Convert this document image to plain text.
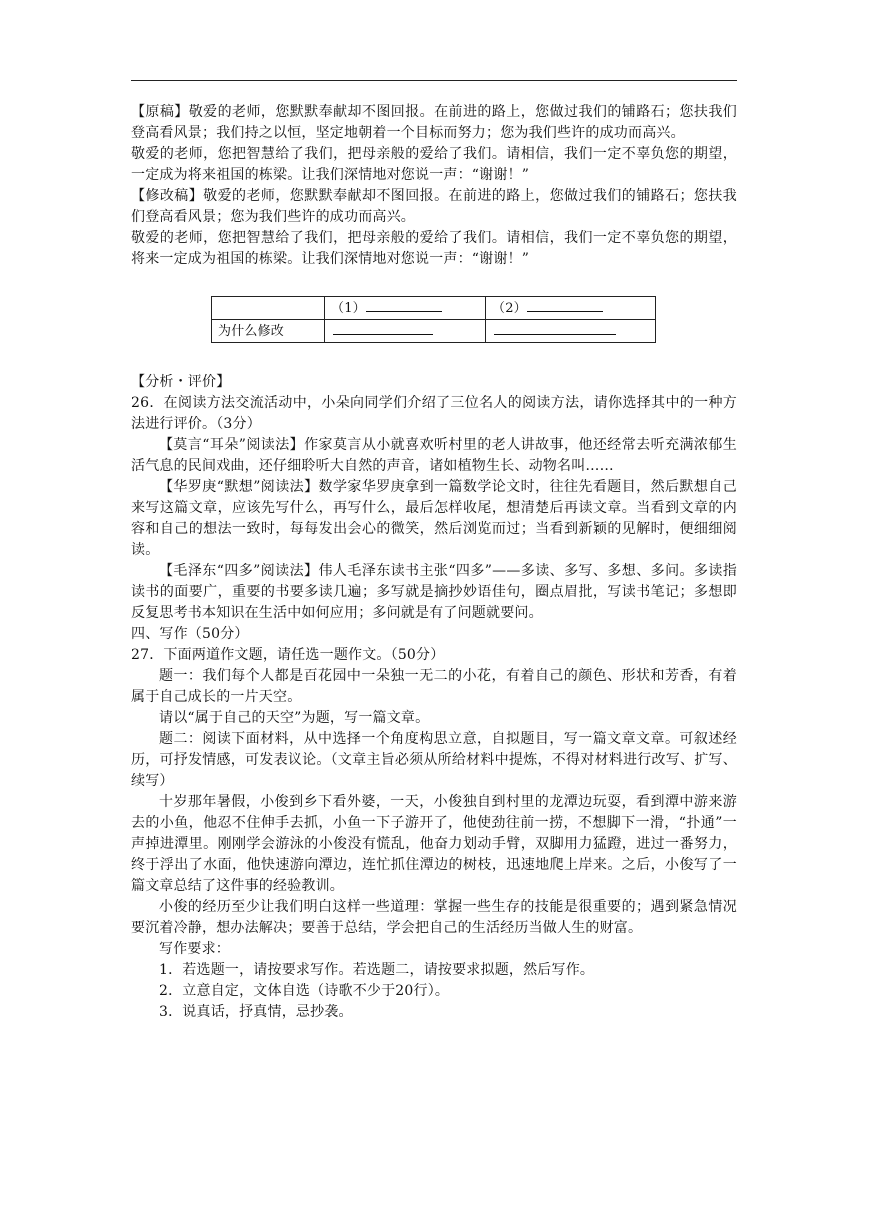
【原稿】敬爱的老师，您默默奉献却不图回报。在前进的路上，您做过我们的铺路石；您扶我们登高看风景；我们持之以恒，坚定地朝着一个目标而努力；您为我们些许的成功而高兴。

敬爱的老师，您把智慧给了我们，把母亲般的爱给了我们。请相信，我们一定不辜负您的期望，一定成为将来祖国的栋梁。让我们深情地对您说一声：“谢谢！”

【修改稿】敬爱的老师，您默默奉献却不图回报。在前进的路上，您做过我们的铺路石；您扶我们登高看风景；您为我们些许的成功而高兴。

敬爱的老师，您把智慧给了我们，把母亲般的爱给了我们。请相信，我们一定不辜负您的期望，将来一定成为祖国的栋梁。让我们深情地对您说一声：“谢谢！”

	（1）	（2）
为什么修改		

【分析・评价】

26．在阅读方法交流活动中，小朵向同学们介绍了三位名人的阅读方法，请你选择其中的一种方法进行评价。（3分）

【莫言“耳朵”阅读法】作家莫言从小就喜欢听村里的老人讲故事，他还经常去听充满浓郁生活气息的民间戏曲，还仔细聆听大自然的声音，诸如植物生长、动物名叫……

【华罗庚“默想”阅读法】数学家华罗庚拿到一篇数学论文时，往往先看题目，然后默想自己来写这篇文章，应该先写什么，再写什么，最后怎样收尾，想清楚后再读文章。当看到文章的内容和自己的想法一致时，每每发出会心的微笑，然后浏览而过；当看到新颖的见解时，便细细阅读。

【毛泽东“四多”阅读法】伟人毛泽东读书主张“四多”——多读、多写、多想、多问。多读指读书的面要广，重要的书要多读几遍；多写就是摘抄妙语佳句，圈点眉批，写读书笔记；多想即反复思考书本知识在生活中如何应用；多问就是有了问题就要问。

四、写作（50分）

27．下面两道作文题，请任选一题作文。（50分）

题一：我们每个人都是百花园中一朵独一无二的小花，有着自己的颜色、形状和芳香，有着属于自己成长的一片天空。

请以“属于自己的天空”为题，写一篇文章。

题二：阅读下面材料，从中选择一个角度构思立意，自拟题目，写一篇文章文章。可叙述经历，可抒发情感，可发表议论。（文章主旨必须从所给材料中提炼，不得对材料进行改写、扩写、续写）

十岁那年暑假，小俊到乡下看外婆，一天，小俊独自到村里的龙潭边玩耍，看到潭中游来游去的小鱼，他忍不住伸手去抓，小鱼一下子游开了，他使劲往前一捞，不想脚下一滑，“扑通”一声掉进潭里。刚刚学会游泳的小俊没有慌乱，他奋力划动手臂，双脚用力猛蹬，进过一番努力，终于浮出了水面，他快速游向潭边，连忙抓住潭边的树枝，迅速地爬上岸来。之后，小俊写了一篇文章总结了这件事的经验教训。

小俊的经历至少让我们明白这样一些道理：掌握一些生存的技能是很重要的；遇到紧急情况要沉着冷静，想办法解决；要善于总结，学会把自己的生活经历当做人生的财富。

写作要求：

1．若选题一，请按要求写作。若选题二，请按要求拟题，然后写作。

2．立意自定，文体自选（诗歌不少于20行）。

3．说真话，抒真情，忌抄袭。
